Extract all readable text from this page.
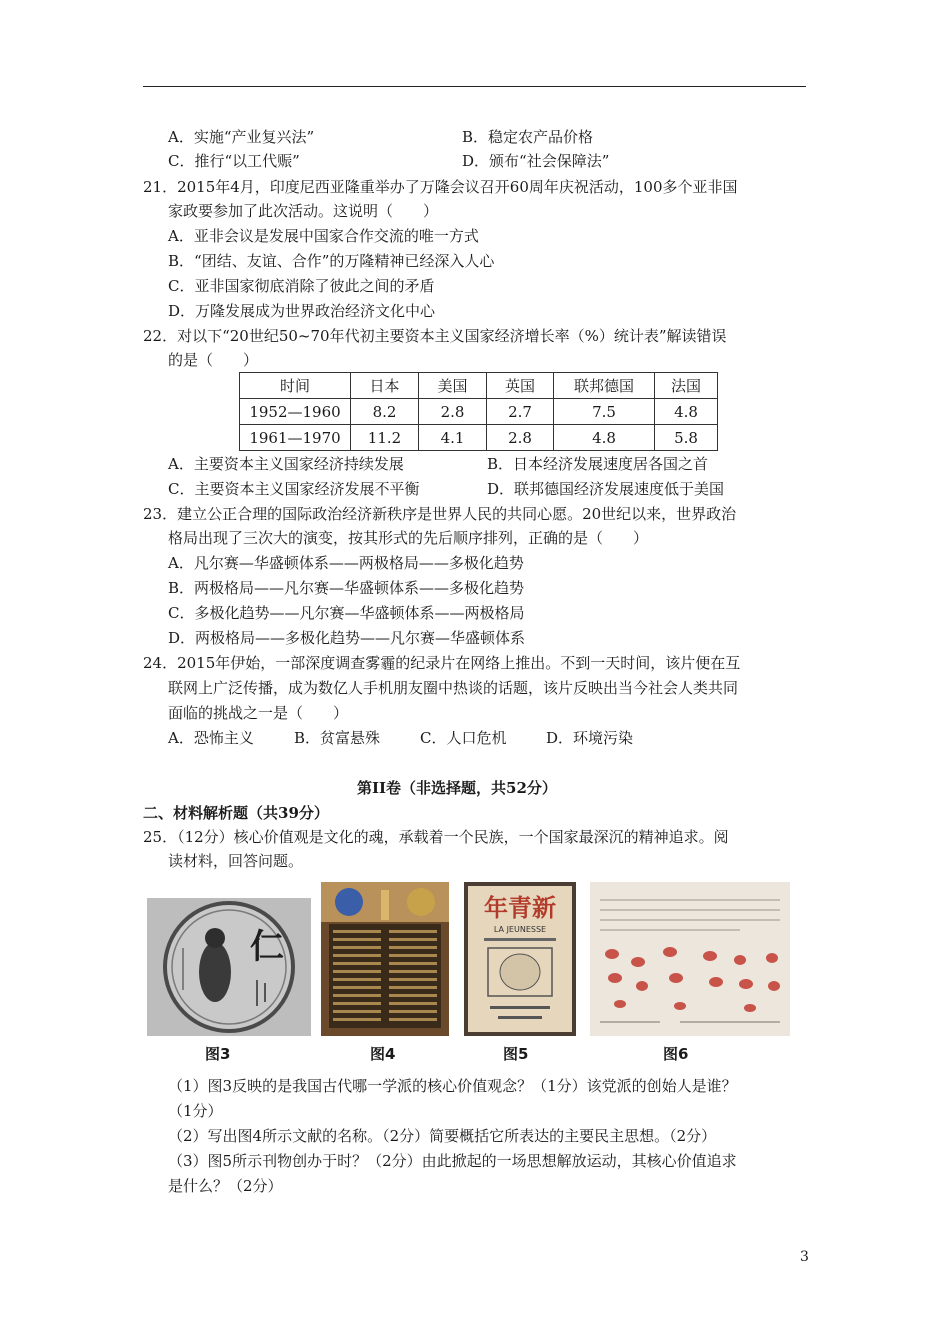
A．实施“产业复兴法”	B．稳定农产品价格
C．推行“以工代赈”	D．颁布“社会保障法”
21．2015年4月，印度尼西亚隆重举办了万隆会议召开60周年庆祝活动，100多个亚非国
家政要参加了此次活动。这说明（　　）
A．亚非会议是发展中国家合作交流的唯一方式
B．“团结、友谊、合作”的万隆精神已经深入人心
C．亚非国家彻底消除了彼此之间的矛盾
D．万隆发展成为世界政治经济文化中心
22．对以下“20世纪50~70年代初主要资本主义国家经济增长率（%）统计表”解读错误
的是（　　）
时间	日本	美国	英国	联邦德国	法国
1952—1960	8.2	2.8	2.7	7.5	4.8
1961—1970	11.2	4.1	2.8	4.8	5.8
A．主要资本主义国家经济持续发展	B．日本经济发展速度居各国之首
C．主要资本主义国家经济发展不平衡	D．联邦德国经济发展速度低于美国
23．建立公正合理的国际政治经济新秩序是世界人民的共同心愿。20世纪以来，世界政治
格局出现了三次大的演变，按其形式的先后顺序排列，正确的是（　　）
A．凡尔赛—华盛顿体系——两极格局——多极化趋势
B．两极格局——凡尔赛—华盛顿体系——多极化趋势
C．多极化趋势——凡尔赛—华盛顿体系——两极格局
D．两极格局——多极化趋势——凡尔赛—华盛顿体系
24．2015年伊始，一部深度调查雾霾的纪录片在网络上推出。不到一天时间，该片便在互
联网上广泛传播，成为数亿人手机朋友圈中热谈的话题，该片反映出当今社会人类共同
面临的挑战之一是（　　）
A．恐怖主义	B．贫富悬殊	C．人口危机	D．环境污染
第II卷（非选择题，共52分）
二、材料解析题（共39分）
25．（12分）核心价值观是文化的魂，承载着一个民族，一个国家最深沉的精神追求。阅
读材料，回答问题。
仁
年青新
LA JEUNESSE
图3	图4	图5	图6
（1）图3反映的是我国古代哪一学派的核心价值观念？（1分）该党派的创始人是谁？
（1分）
（2）写出图4所示文献的名称。（2分）简要概括它所表达的主要民主思想。（2分）
（3）图5所示刊物创办于时？（2分）由此掀起的一场思想解放运动，其核心价值追求
是什么？（2分）
3
